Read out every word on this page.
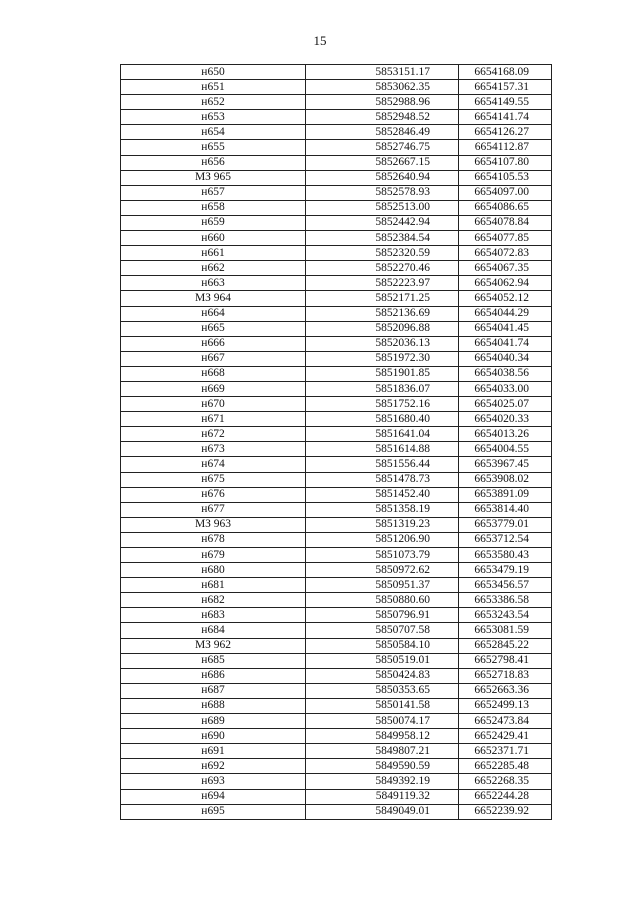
15
н650	5853151.17	6654168.09
н651	5853062.35	6654157.31
н652	5852988.96	6654149.55
н653	5852948.52	6654141.74
н654	5852846.49	6654126.27
н655	5852746.75	6654112.87
н656	5852667.15	6654107.80
МЗ 965	5852640.94	6654105.53
н657	5852578.93	6654097.00
н658	5852513.00	6654086.65
н659	5852442.94	6654078.84
н660	5852384.54	6654077.85
н661	5852320.59	6654072.83
н662	5852270.46	6654067.35
н663	5852223.97	6654062.94
МЗ 964	5852171.25	6654052.12
н664	5852136.69	6654044.29
н665	5852096.88	6654041.45
н666	5852036.13	6654041.74
н667	5851972.30	6654040.34
н668	5851901.85	6654038.56
н669	5851836.07	6654033.00
н670	5851752.16	6654025.07
н671	5851680.40	6654020.33
н672	5851641.04	6654013.26
н673	5851614.88	6654004.55
н674	5851556.44	6653967.45
н675	5851478.73	6653908.02
н676	5851452.40	6653891.09
н677	5851358.19	6653814.40
МЗ 963	5851319.23	6653779.01
н678	5851206.90	6653712.54
н679	5851073.79	6653580.43
н680	5850972.62	6653479.19
н681	5850951.37	6653456.57
н682	5850880.60	6653386.58
н683	5850796.91	6653243.54
н684	5850707.58	6653081.59
МЗ 962	5850584.10	6652845.22
н685	5850519.01	6652798.41
н686	5850424.83	6652718.83
н687	5850353.65	6652663.36
н688	5850141.58	6652499.13
н689	5850074.17	6652473.84
н690	5849958.12	6652429.41
н691	5849807.21	6652371.71
н692	5849590.59	6652285.48
н693	5849392.19	6652268.35
н694	5849119.32	6652244.28
н695	5849049.01	6652239.92
